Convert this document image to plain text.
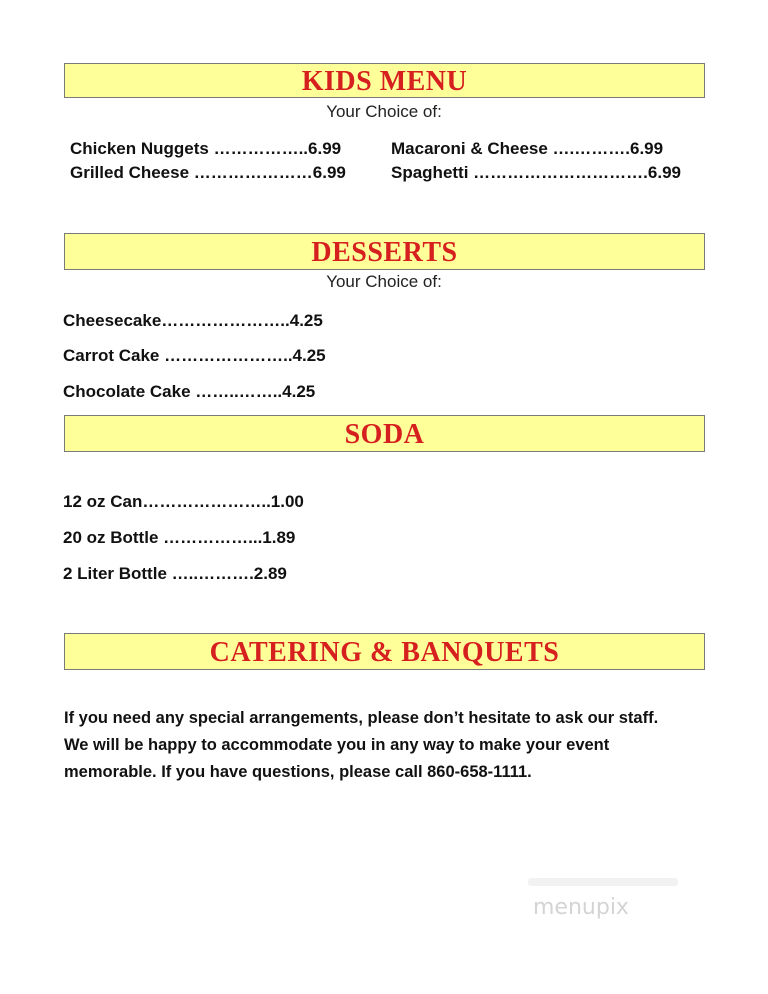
KIDS MENU
Your Choice of:
Chicken Nuggets ……………..6.99
Grilled Cheese …………………6.99
Macaroni & Cheese ….……….6.99
Spaghetti ………………………….6.99
DESSERTS
Your Choice of:
Cheesecake…………………..4.25
Carrot Cake …………………..4.25
Chocolate Cake ……..……..4.25
SODA
12 oz Can…………………..1.00
20 oz Bottle ……………...1.89
2 Liter Bottle …..……….2.89
CATERING & BANQUETS

If you need any special arrangements, please don’t hesitate to ask our staff.

We will be happy to accommodate you in any way to make your event

memorable. If you have questions, please call 860-658-1111.

menupix
